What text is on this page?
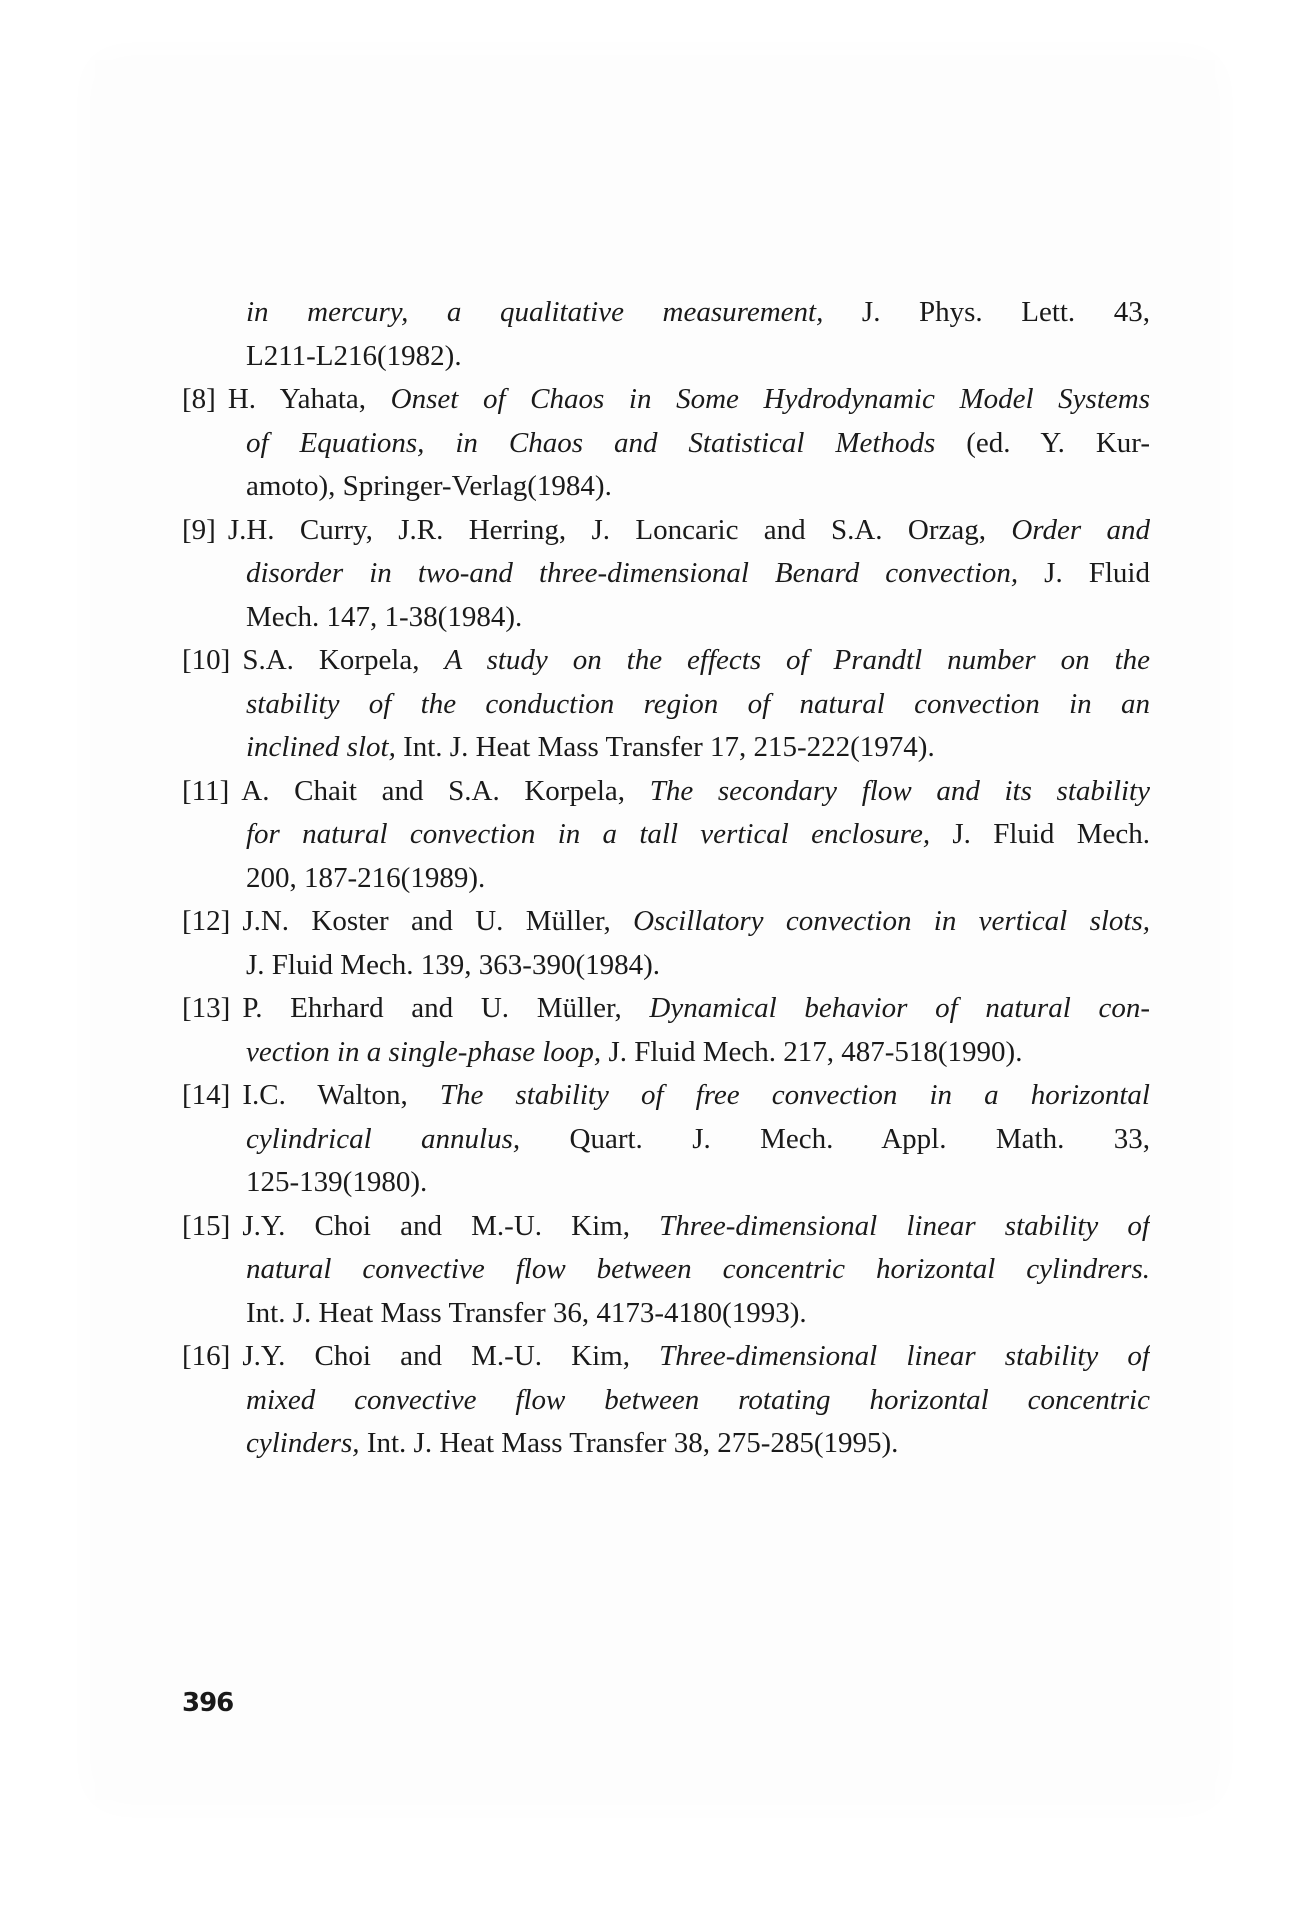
in mercury, a qualitative measurement, J. Phys. Lett. 43,
L211-L216(1982).
[8] H. Yahata, Onset of Chaos in Some Hydrodynamic Model Systems
of Equations, in Chaos and Statistical Methods (ed. Y. Kur-
amoto), Springer-Verlag(1984).
[9] J.H. Curry, J.R. Herring, J. Loncaric and S.A. Orzag, Order and
disorder in two-and three-dimensional Benard convection, J. Fluid
Mech. 147, 1-38(1984).
[10] S.A. Korpela, A study on the effects of Prandtl number on the
stability of the conduction region of natural convection in an
inclined slot, Int. J. Heat Mass Transfer 17, 215-222(1974).
[11] A. Chait and S.A. Korpela, The secondary flow and its stability
for natural convection in a tall vertical enclosure, J. Fluid Mech.
200, 187-216(1989).
[12] J.N. Koster and U. Müller, Oscillatory convection in vertical slots,
J. Fluid Mech. 139, 363-390(1984).
[13] P. Ehrhard and U. Müller, Dynamical behavior of natural con-
vection in a single-phase loop, J. Fluid Mech. 217, 487-518(1990).
[14] I.C. Walton, The stability of free convection in a horizontal
cylindrical annulus, Quart. J. Mech. Appl. Math. 33,
125-139(1980).
[15] J.Y. Choi and M.-U. Kim, Three-dimensional linear stability of
natural convective flow between concentric horizontal cylindrers.
Int. J. Heat Mass Transfer 36, 4173-4180(1993).
[16] J.Y. Choi and M.-U. Kim, Three-dimensional linear stability of
mixed convective flow between rotating horizontal concentric
cylinders, Int. J. Heat Mass Transfer 38, 275-285(1995).
396
